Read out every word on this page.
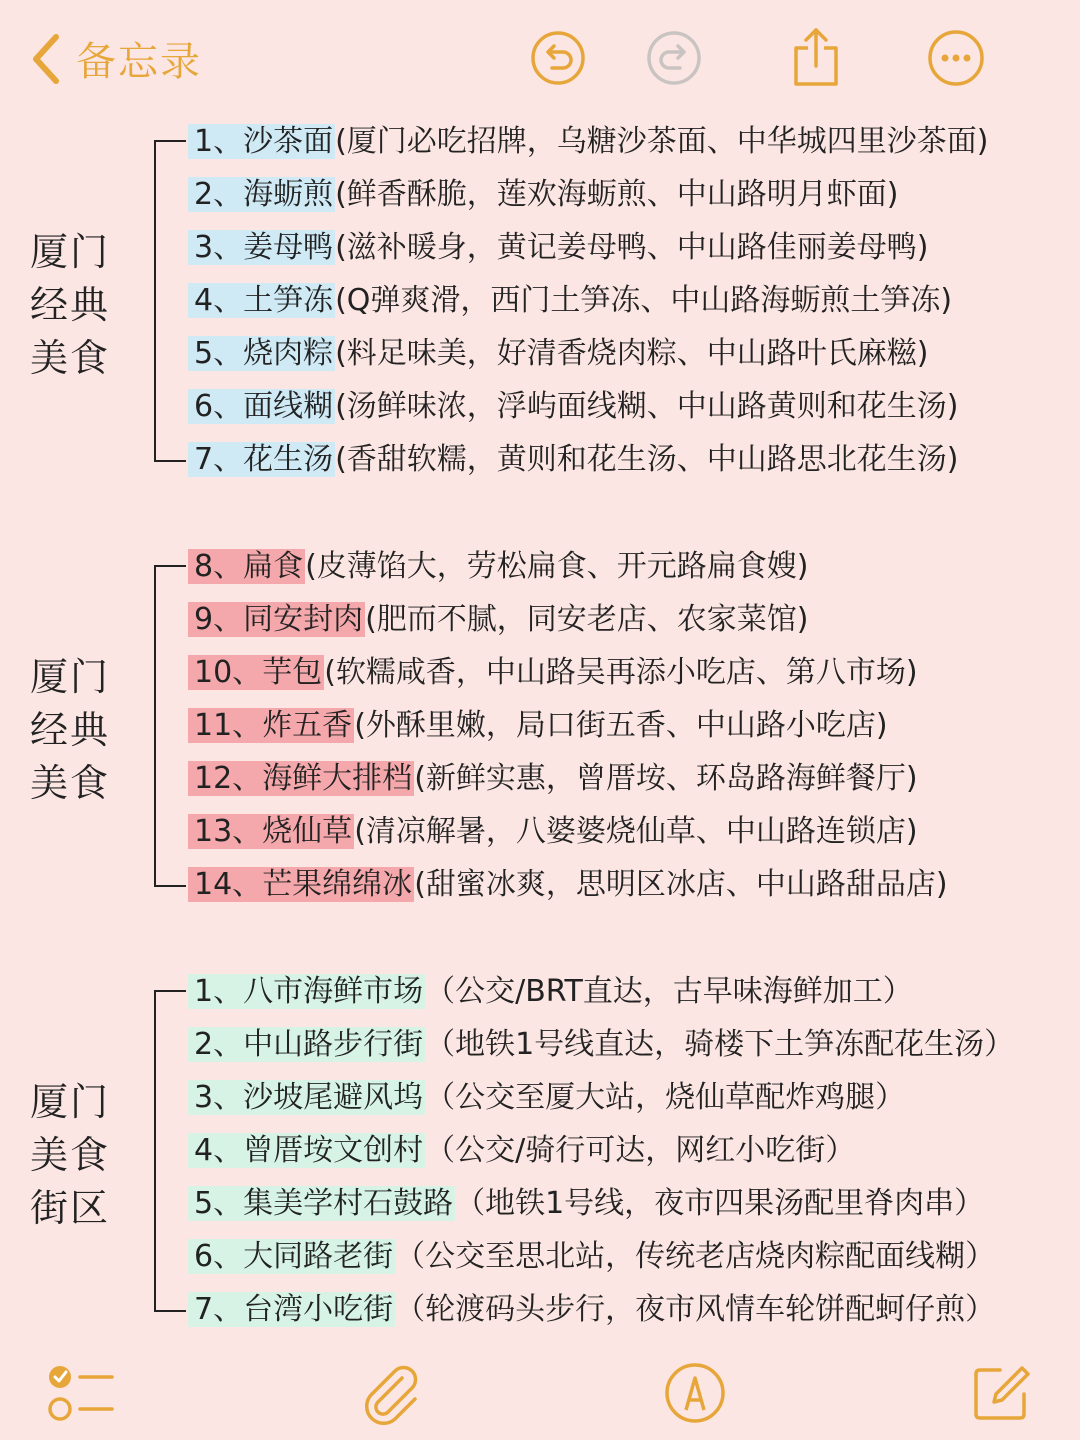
备忘录
厦门
经典
美食
1、沙茶面(厦门必吃招牌，乌糖沙茶面、中华城四里沙茶面)
2、海蛎煎(鲜香酥脆，莲欢海蛎煎、中山路明月虾面)
3、姜母鸭(滋补暖身，黄记姜母鸭、中山路佳丽姜母鸭)
4、土笋冻(Q弹爽滑，西门土笋冻、中山路海蛎煎土笋冻)
5、烧肉粽(料足味美，好清香烧肉粽、中山路叶氏麻糍)
6、面线糊(汤鲜味浓，浮屿面线糊、中山路黄则和花生汤)
7、花生汤(香甜软糯，黄则和花生汤、中山路思北花生汤)
厦门
经典
美食
8、扁食(皮薄馅大，劳松扁食、开元路扁食嫂)
9、同安封肉(肥而不腻，同安老店、农家菜馆)
10、芋包(软糯咸香，中山路吴再添小吃店、第八市场)
11、炸五香(外酥里嫩，局口街五香、中山路小吃店)
12、海鲜大排档(新鲜实惠，曾厝垵、环岛路海鲜餐厅)
13、烧仙草(清凉解暑，八婆婆烧仙草、中山路连锁店)
14、芒果绵绵冰(甜蜜冰爽，思明区冰店、中山路甜品店)
厦门
美食
街区
1、八市海鲜市场（公交/BRT直达，古早味海鲜加工）
2、中山路步行街（地铁1号线直达，骑楼下土笋冻配花生汤）
3、沙坡尾避风坞（公交至厦大站，烧仙草配炸鸡腿）
4、曾厝垵文创村（公交/骑行可达，网红小吃街）
5、集美学村石鼓路（地铁1号线，夜市四果汤配里脊肉串）
6、大同路老街（公交至思北站，传统老店烧肉粽配面线糊）
7、台湾小吃街（轮渡码头步行，夜市风情车轮饼配蚵仔煎）
